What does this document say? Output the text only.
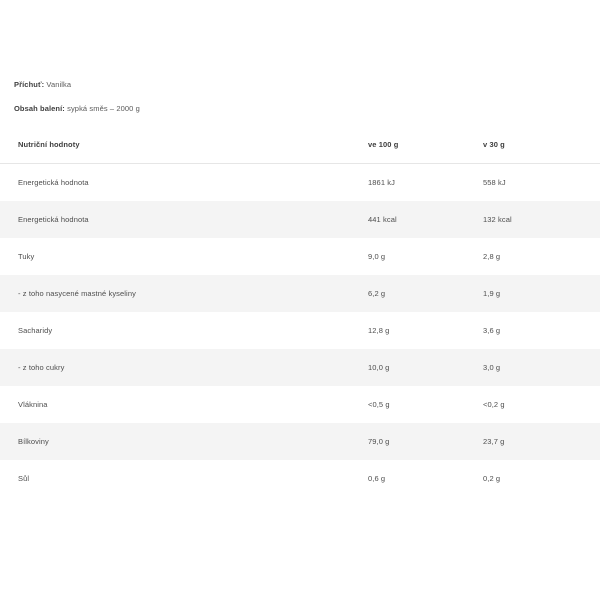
Příchuť: Vanilka
Obsah balení: sypká směs – 2000 g
Nutriční hodnoty	ve 100 g	v 30 g
Energetická hodnota	1861 kJ	558 kJ
Energetická hodnota	441 kcal	132 kcal
Tuky	9,0 g	2,8 g
- z toho nasycené mastné kyseliny	6,2 g	1,9 g
Sacharidy	12,8 g	3,6 g
- z toho cukry	10,0 g	3,0 g
Vláknina	<0,5 g	<0,2 g
Bílkoviny	79,0 g	23,7 g
Sůl	0,6 g	0,2 g
